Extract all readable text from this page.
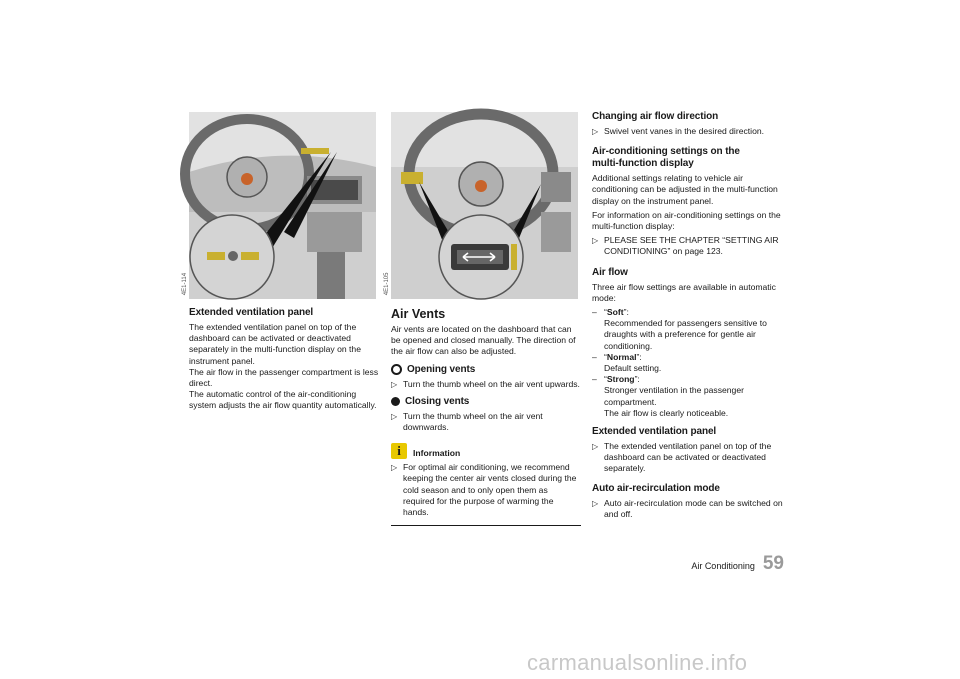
4E1-114
Extended ventilation panel

The extended ventilation panel on top of the dashboard can be activated or deactivated separately in the multi-function display on the instrument panel.
The air flow in the passenger compartment is less direct.
The automatic control of the air-conditioning system adjusts the air flow quantity automatically.

4E1-105
Air Vents

Air vents are located on the dashboard that can be opened and closed manually. The direction of the air flow can also be adjusted.

Opening vents
▷ Turn the thumb wheel on the air vent upwards.
Closing vents
▷ Turn the thumb wheel on the air vent downwards.
i	Information
▷ For optimal air conditioning, we recommend keeping the center air vents closed during the cold season and to only open them as required for the purpose of warming the hands.
Changing air flow direction
▷ Swivel vent vanes in the desired direction.
Air-conditioning settings on the
multi-function display

Additional settings relating to vehicle air conditioning can be adjusted in the multi-function display on the instrument panel.

For information on air-conditioning settings on the multi-function display:

▷ PLEASE SEE THE CHAPTER “SETTING AIR CONDITIONING” on page 123.
Air flow

Three air flow settings are available in automatic mode:

– “Soft”:
Recommended for passengers sensitive to draughts with a preference for gentle air conditioning.
– “Normal”:
Default setting.
– “Strong”:
Stronger ventilation in the passenger compartment.
The air flow is clearly noticeable.
Extended ventilation panel
▷ The extended ventilation panel on top of the dashboard can be activated or deactivated separately.
Auto air-recirculation mode
▷ Auto air-recirculation mode can be switched on and off.
Air Conditioning 59
carmanualsonline.info
